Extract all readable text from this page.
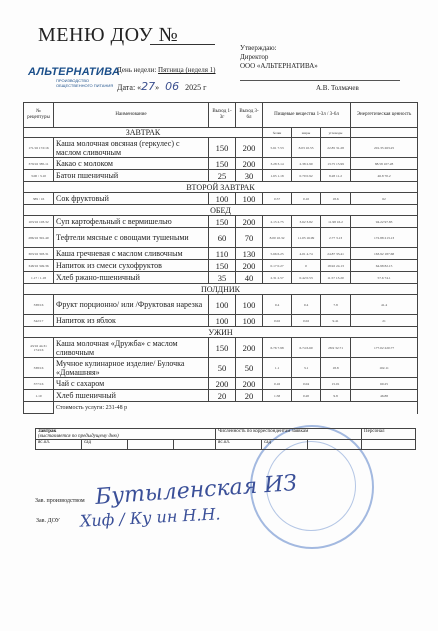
МЕНЮ ДОУ №
Утверждаю:
Директор
ООО «АЛЬТЕРНАТИВА»
А.В. Толмачев
АЛЬТЕРНАТИВА
ПРОИЗВОДСТВО ОБЩЕСТВЕННОГО ПИТАНИЯ
День недели: Пятница (неделя 1)
Дата: «27»   06 2025 г
№ рецептуры	Наименование	Выход 1-3г	Выход 3-6л	Пищевые вещества 1-3л / 3-6л			Энергетическая ценность
ЗАВТРАК				белки	жиры	углеводы	
171/16 172/16	Каша молочная овсяная (геркулес) с маслом сливочным	150	200	5.61 7.53	8.03 10.55	22.85 31.28	201.35 263.25
379/16 385.11	Какао с молоком	150	200	3.28 3.14	2.38 2.90	13.75 15.99	88.58 107.28
3.00 / 3.10	Батон пшеничный	25	30	1.65 1.18	0.70 0.92	8.28 11.2	46.8 70.2
ВТОРОЙ ЗАВТРАК							
389 / 16	Сок фруктовый	100	100	0.57	0.10	18.6	62
ОБЕД							
103/16 103.32	Суп картофельный с вермишелью	150	200	2.15 2.75	3.62 3.82	11.98 16.2	94.22 97.83
286/16 391.40	Тефтели мясные с овощами тушеными	60	70	8.00 10.32	11.03 16.99	2.77 3.13	172.88 213.13
303/16 303.31	Каша гречневая с маслом сливочным	110	130	5.66 6.25	4.01 4.74	24.87 33.41	163.92 187.68
348/16 349.36	Напиток из смеси сухофруктов	150	200	0.17 0.27	0	18.92 24.13	64.98 82.15
1.17 / 1.18	Хлеб ржано-пшеничный	35	40	2.31 2.57	0.42 0.53	11.57 13.20	57.6 74.1
ПОЛДНИК							
338/16	Фрукт порционно/ или /Фруктовая нарезка	100	100	0.4	0.4	7.8	41.4
342/17	Напиток из яблок	100	100	0.02	0.02	9.41	21
УЖИН							
43/16 44.31 174/16	Каша молочная «Дружба» с маслом сливочным	150	200	6.76 7.98	6.74 6.60	28.9 32.71	177.02 220.77
338/16	Мучное кулинарное изделие/ Булочка «Домашняя»	50	50	1.1	3.1	18.8	102.11
377/16	Чай с сахаром	200	200	0.16	0.04	15.01	60.25
1.10	Хлеб пшеничный	20	20	1.58	0.20	9.8	46.88
	Стоимость услуги: 231-48 р						
Завтрак
(выставляется по предыдущему дню)				Численность по корреспондентам заявкам			Персонал
яс.ол.	сад			яс.ол.	сад		
Зав. производством Бутыленская ИЗ
Зав. ДОУ Хиф / Ку ин Н.Н.
